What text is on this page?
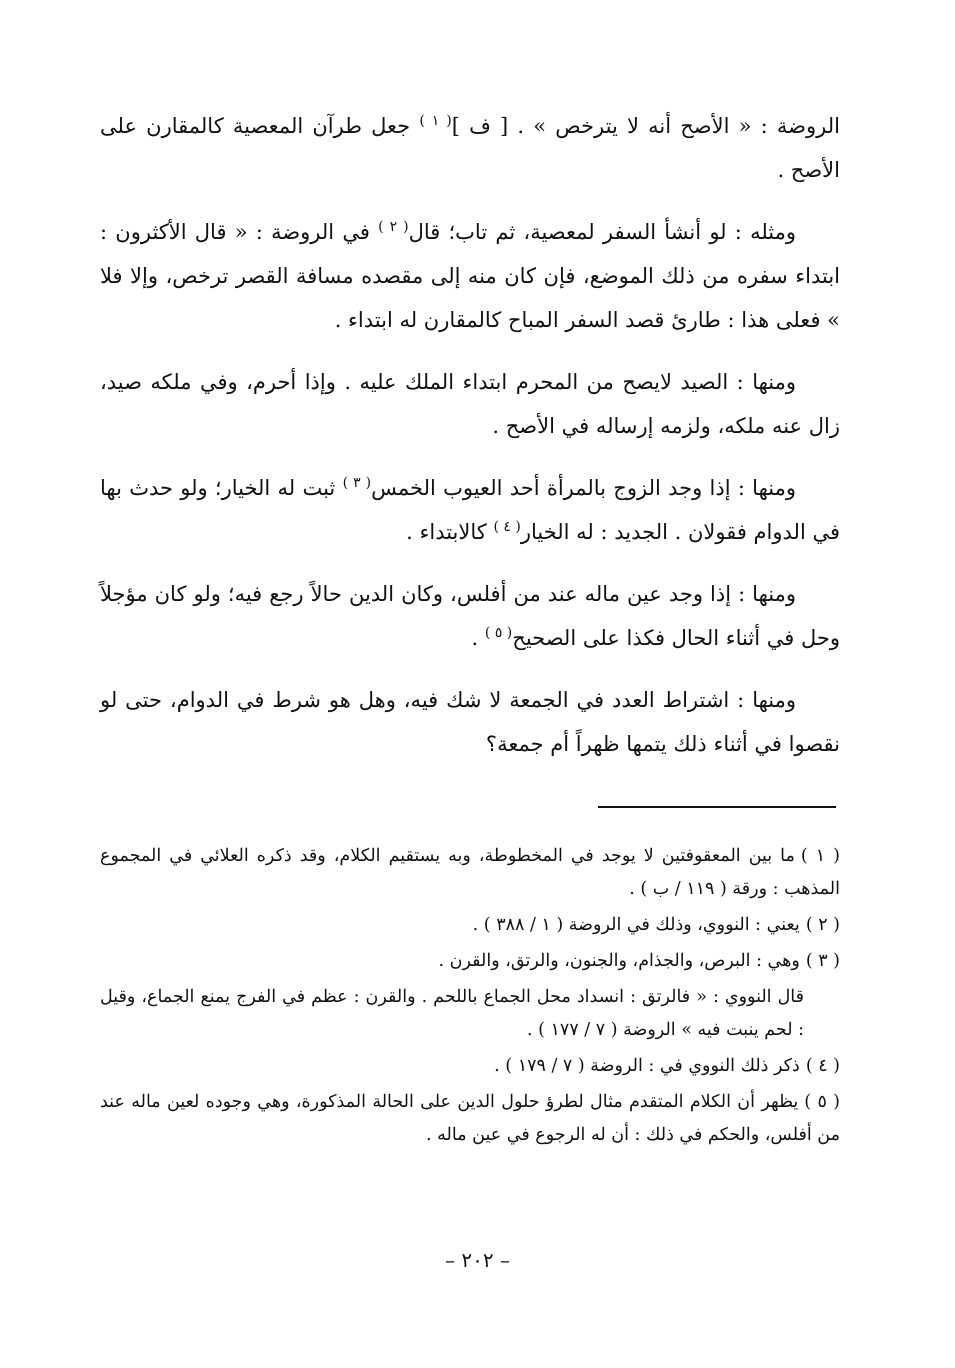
الروضة : « الأصح أنه لا يترخص » . [ ف ]$^{( ١ )}$ جعل طرآن المعصية كالمقارن على الأصح .

ومثله : لو أنشأ السفر لمعصية، ثم تاب؛ قال$^{( ٢ )}$ في الروضة : « قال الأكثرون : ابتداء سفره من ذلك الموضع، فإن كان منه إلى مقصده مسافة القصر ترخص، وإلا فلا » فعلى هذا : طارئ قصد السفر المباح كالمقارن له ابتداء .

ومنها : الصيد لايصح من المحرم ابتداء الملك عليه . وإذا أحرم، وفي ملكه صيد، زال عنه ملكه، ولزمه إرساله في الأصح .

ومنها : إذا وجد الزوج بالمرأة أحد العيوب الخمس$^{( ٣ )}$ ثبت له الخيار؛ ولو حدث بها في الدوام فقولان . الجديد : له الخيار$^{( ٤ )}$ كالابتداء .

ومنها : إذا وجد عين ماله عند من أفلس، وكان الدين حالاً رجع فيه؛ ولو كان مؤجلاً وحل في أثناء الحال فكذا على الصحيح$^{( ٥ )}$ .

ومنها : اشتراط العدد في الجمعة لا شك فيه، وهل هو شرط في الدوام، حتى لو نقصوا في أثناء ذلك يتمها ظهراً أم جمعة؟

( ١ )ما بين المعقوفتين لا يوجد في المخطوطة، وبه يستقيم الكلام، وقد ذكره العلائي في المجموع المذهب : ورقة ( ١١٩ / ب ) .
( ٢ )يعني : النووي، وذلك في الروضة ( ١ / ٣٨٨ ) .
( ٣ )وهي : البرص، والجذام، والجنون، والرتق، والقرن .
قال النووي : « فالرتق : انسداد محل الجماع باللحم . والقرن : عظم في الفرج يمنع الجماع، وقيل : لحم ينبت فيه » الروضة ( ٧ / ١٧٧ ) .
( ٤ )ذكر ذلك النووي في : الروضة ( ٧ / ١٧٩ ) .
( ٥ )يظهر أن الكلام المتقدم مثال لطرؤ حلول الدين على الحالة المذكورة، وهي وجوده لعين ماله عند من أفلس، والحكم في ذلك : أن له الرجوع في عين ماله .
– ٢٠٢ –
